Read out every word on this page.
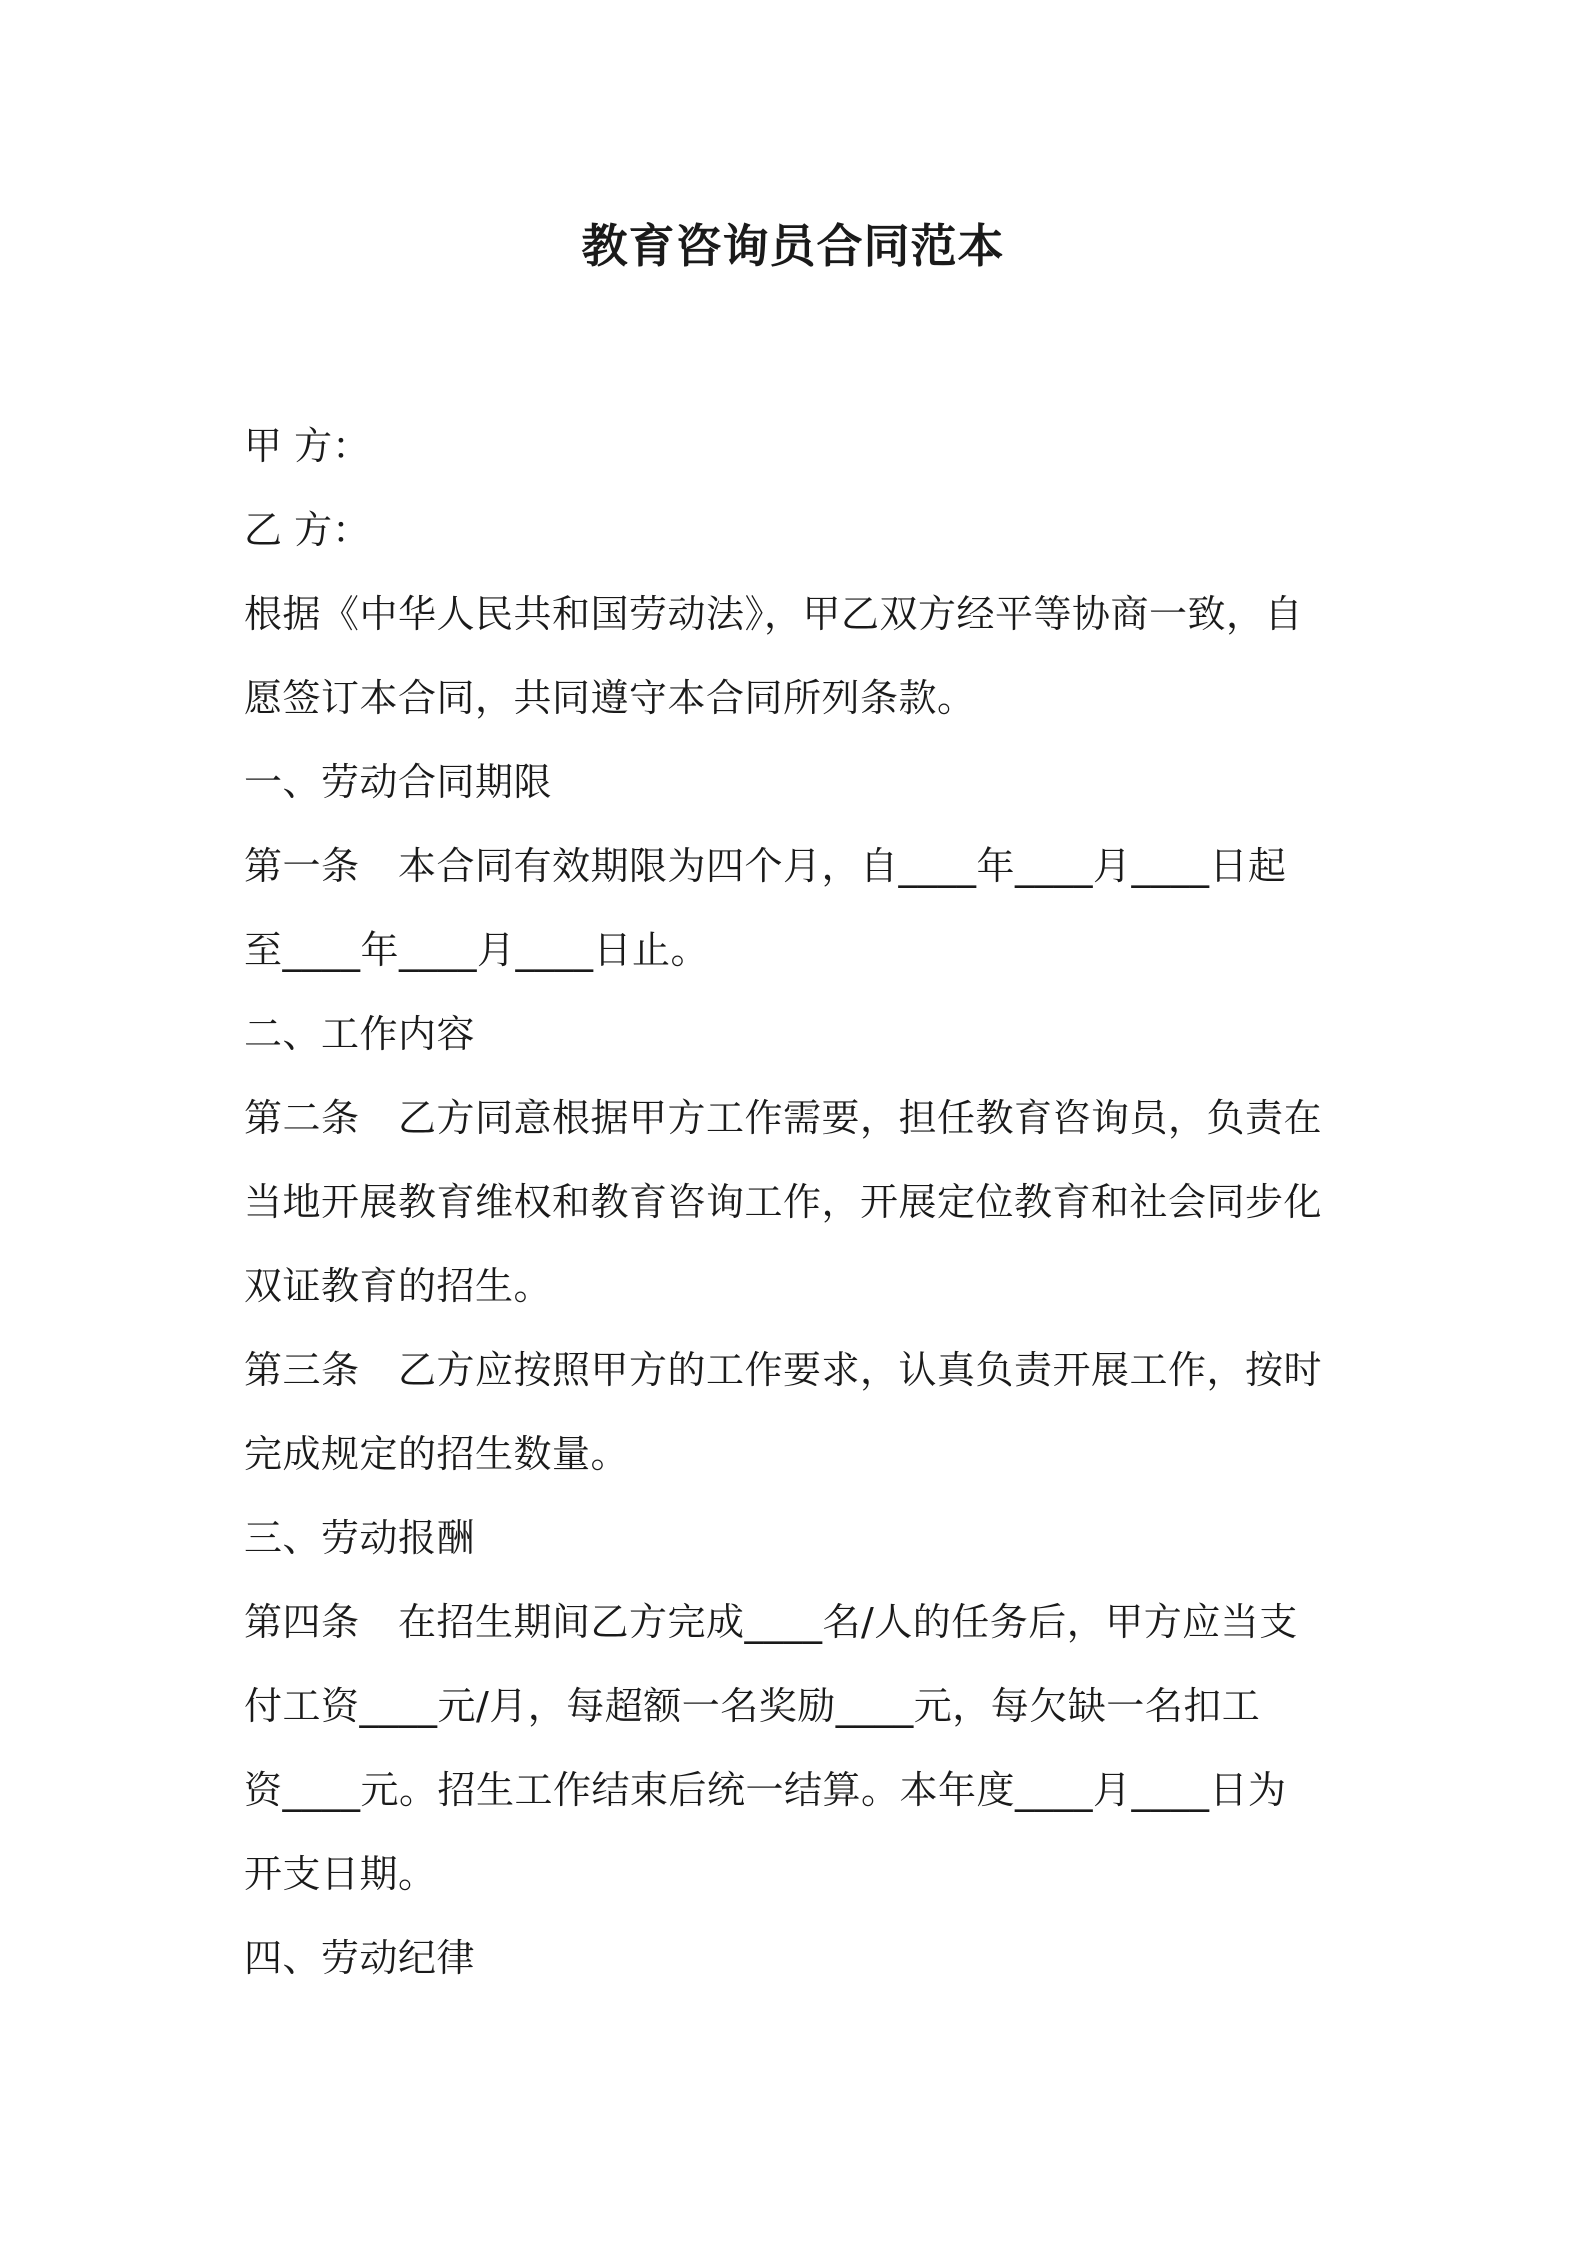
教育咨询员合同范本
甲 方：
乙 方：
根据《中华人民共和国劳动法》，甲乙双方经平等协商一致，自
愿签订本合同，共同遵守本合同所列条款。
一、劳动合同期限
第一条　本合同有效期限为四个月，自____年____月____日起
至____年____月____日止。
二、工作内容
第二条　乙方同意根据甲方工作需要，担任教育咨询员，负责在
当地开展教育维权和教育咨询工作，开展定位教育和社会同步化
双证教育的招生。
第三条　乙方应按照甲方的工作要求，认真负责开展工作，按时
完成规定的招生数量。
三、劳动报酬
第四条　在招生期间乙方完成____名/人的任务后，甲方应当支
付工资____元/月，每超额一名奖励____元，每欠缺一名扣工
资____元。招生工作结束后统一结算。本年度____月____日为
开支日期。
四、劳动纪律
